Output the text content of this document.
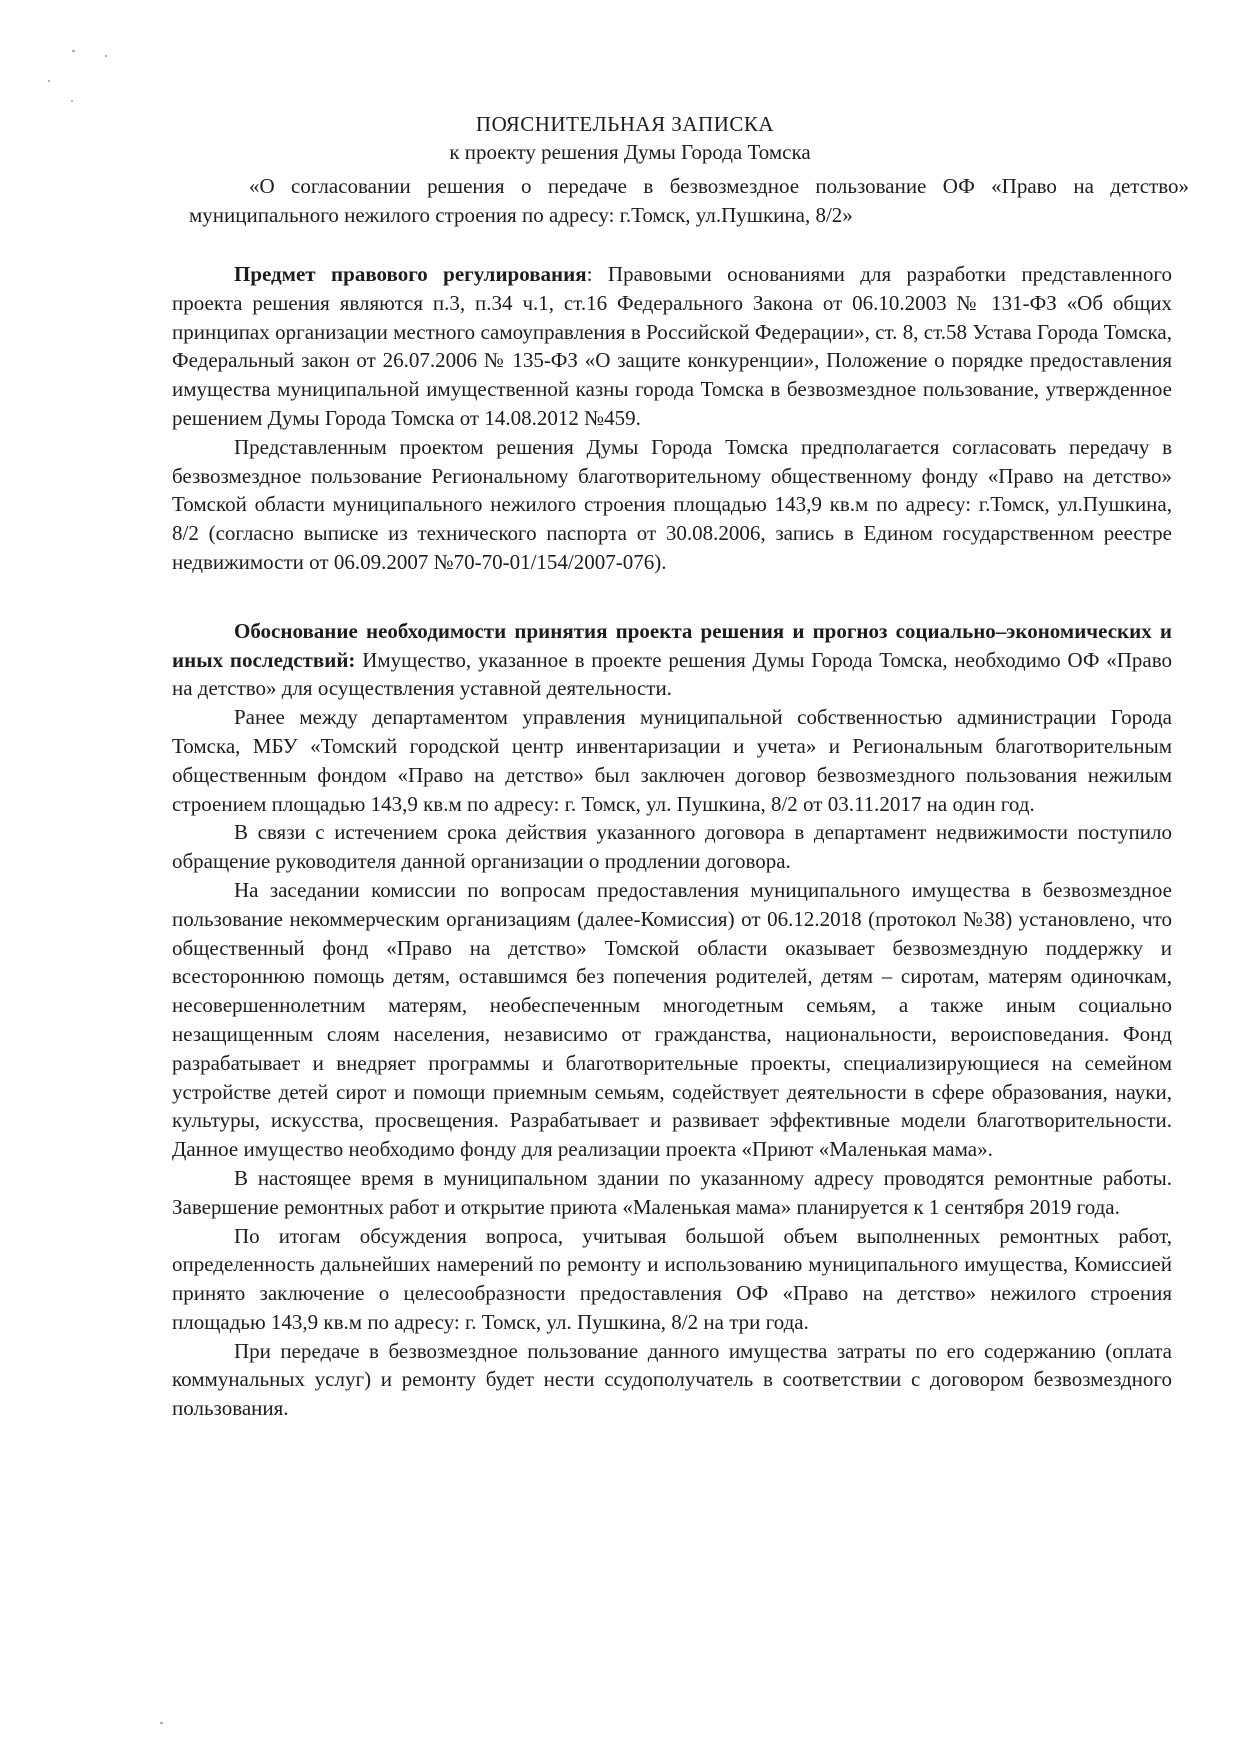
ПОЯСНИТЕЛЬНАЯ ЗАПИСКА
к проекту решения Думы Города Томска
«О согласовании решения о передаче в безвозмездное пользование ОФ «Право на детство» муниципального нежилого строения по адресу: г.Томск, ул.Пушкина, 8/2»

Предмет правового регулирования: Правовыми основаниями для разработки представленного проекта решения являются п.3, п.34 ч.1, ст.16 Федерального Закона от 06.10.2003 № 131-ФЗ «Об общих принципах организации местного самоуправления в Российской Федерации», ст. 8, ст.58 Устава Города Томска, Федеральный закон от 26.07.2006 № 135-ФЗ «О защите конкуренции», Положение о порядке предоставления имущества муниципальной имущественной казны города Томска в безвозмездное пользование, утвержденное решением Думы Города Томска от 14.08.2012 №459.

Представленным проектом решения Думы Города Томска предполагается согласовать передачу в безвозмездное пользование Региональному благотворительному общественному фонду «Право на детство» Томской области муниципального нежилого строения площадью 143,9 кв.м по адресу: г.Томск, ул.Пушкина, 8/2 (согласно выписке из технического паспорта от 30.08.2006, запись в Едином государственном реестре недвижимости от 06.09.2007 №70-70-01/154/2007-076).

Обоснование необходимости принятия проекта решения и прогноз социально–экономических и иных последствий: Имущество, указанное в проекте решения Думы Города Томска, необходимо ОФ «Право на детство» для осуществления уставной деятельности.

Ранее между департаментом управления муниципальной собственностью администрации Города Томска, МБУ «Томский городской центр инвентаризации и учета» и Региональным благотворительным общественным фондом «Право на детство» был заключен договор безвозмездного пользования нежилым строением площадью 143,9 кв.м по адресу: г. Томск, ул. Пушкина, 8/2 от 03.11.2017 на один год.

В связи с истечением срока действия указанного договора в департамент недвижимости поступило обращение руководителя данной организации о продлении договора.

На заседании комиссии по вопросам предоставления муниципального имущества в безвозмездное пользование некоммерческим организациям (далее-Комиссия) от 06.12.2018 (протокол №38) установлено, что общественный фонд «Право на детство» Томской области оказывает безвозмездную поддержку и всестороннюю помощь детям, оставшимся без попечения родителей, детям – сиротам, матерям одиночкам, несовершеннолетним матерям, необеспеченным многодетным семьям, а также иным социально незащищенным слоям населения, независимо от гражданства, национальности, вероисповедания. Фонд разрабатывает и внедряет программы и благотворительные проекты, специализирующиеся на семейном устройстве детей сирот и помощи приемным семьям, содействует деятельности в сфере образования, науки, культуры, искусства, просвещения. Разрабатывает и развивает эффективные модели благотворительности. Данное имущество необходимо фонду для реализации проекта «Приют «Маленькая мама».

В настоящее время в муниципальном здании по указанному адресу проводятся ремонтные работы. Завершение ремонтных работ и открытие приюта «Маленькая мама» планируется к 1 сентября 2019 года.

По итогам обсуждения вопроса, учитывая большой объем выполненных ремонтных работ, определенность дальнейших намерений по ремонту и использованию муниципального имущества, Комиссией принято заключение о целесообразности предоставления ОФ «Право на детство» нежилого строения площадью 143,9 кв.м по адресу: г. Томск, ул. Пушкина, 8/2 на три года.

При передаче в безвозмездное пользование данного имущества затраты по его содержанию (оплата коммунальных услуг) и ремонту будет нести ссудополучатель в соответствии с договором безвозмездного пользования.
